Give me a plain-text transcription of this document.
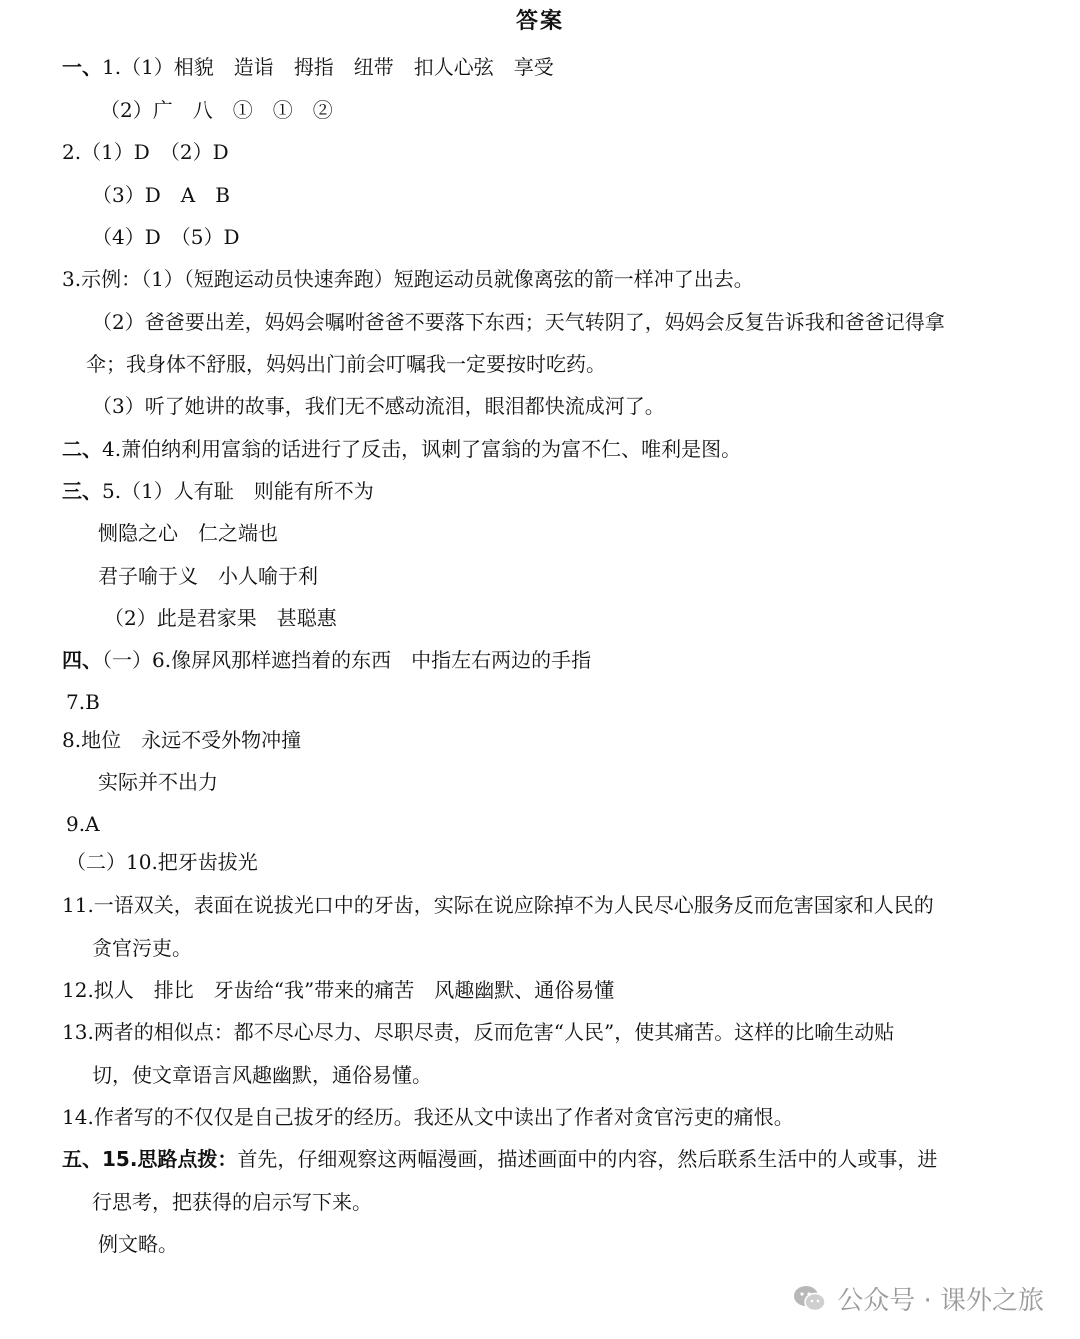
答案
一、1.（1）相貌　造诣　拇指　纽带　扣人心弦　享受
（2）广　八　①　①　②
2.（1）D　（2）D
（3）D　A　B
（4）D　（5）D
3.示例：（1）（短跑运动员快速奔跑）短跑运动员就像离弦的箭一样冲了出去。
（2）爸爸要出差，妈妈会嘱咐爸爸不要落下东西；天气转阴了，妈妈会反复告诉我和爸爸记得拿
伞；我身体不舒服，妈妈出门前会叮嘱我一定要按时吃药。
（3）听了她讲的故事，我们无不感动流泪，眼泪都快流成河了。
二、4.萧伯纳利用富翁的话进行了反击，讽刺了富翁的为富不仁、唯利是图。
三、5.（1）人有耻　则能有所不为
恻隐之心　仁之端也
君子喻于义　小人喻于利
（2）此是君家果　甚聪惠
四、（一）6.像屏风那样遮挡着的东西　中指左右两边的手指
7.B
8.地位　永远不受外物冲撞
实际并不出力
9.A
（二）10.把牙齿拔光
11.一语双关，表面在说拔光口中的牙齿，实际在说应除掉不为人民尽心服务反而危害国家和人民的
贪官污吏。
12.拟人　排比　牙齿给“我”带来的痛苦　风趣幽默、通俗易懂
13.两者的相似点：都不尽心尽力、尽职尽责，反而危害“人民”，使其痛苦。这样的比喻生动贴
切，使文章语言风趣幽默，通俗易懂。
14.作者写的不仅仅是自己拔牙的经历。我还从文中读出了作者对贪官污吏的痛恨。
五、15.思路点拨：首先，仔细观察这两幅漫画，描述画面中的内容，然后联系生活中的人或事，进
行思考，把获得的启示写下来。
例文略。
公众号 · 课外之旅
